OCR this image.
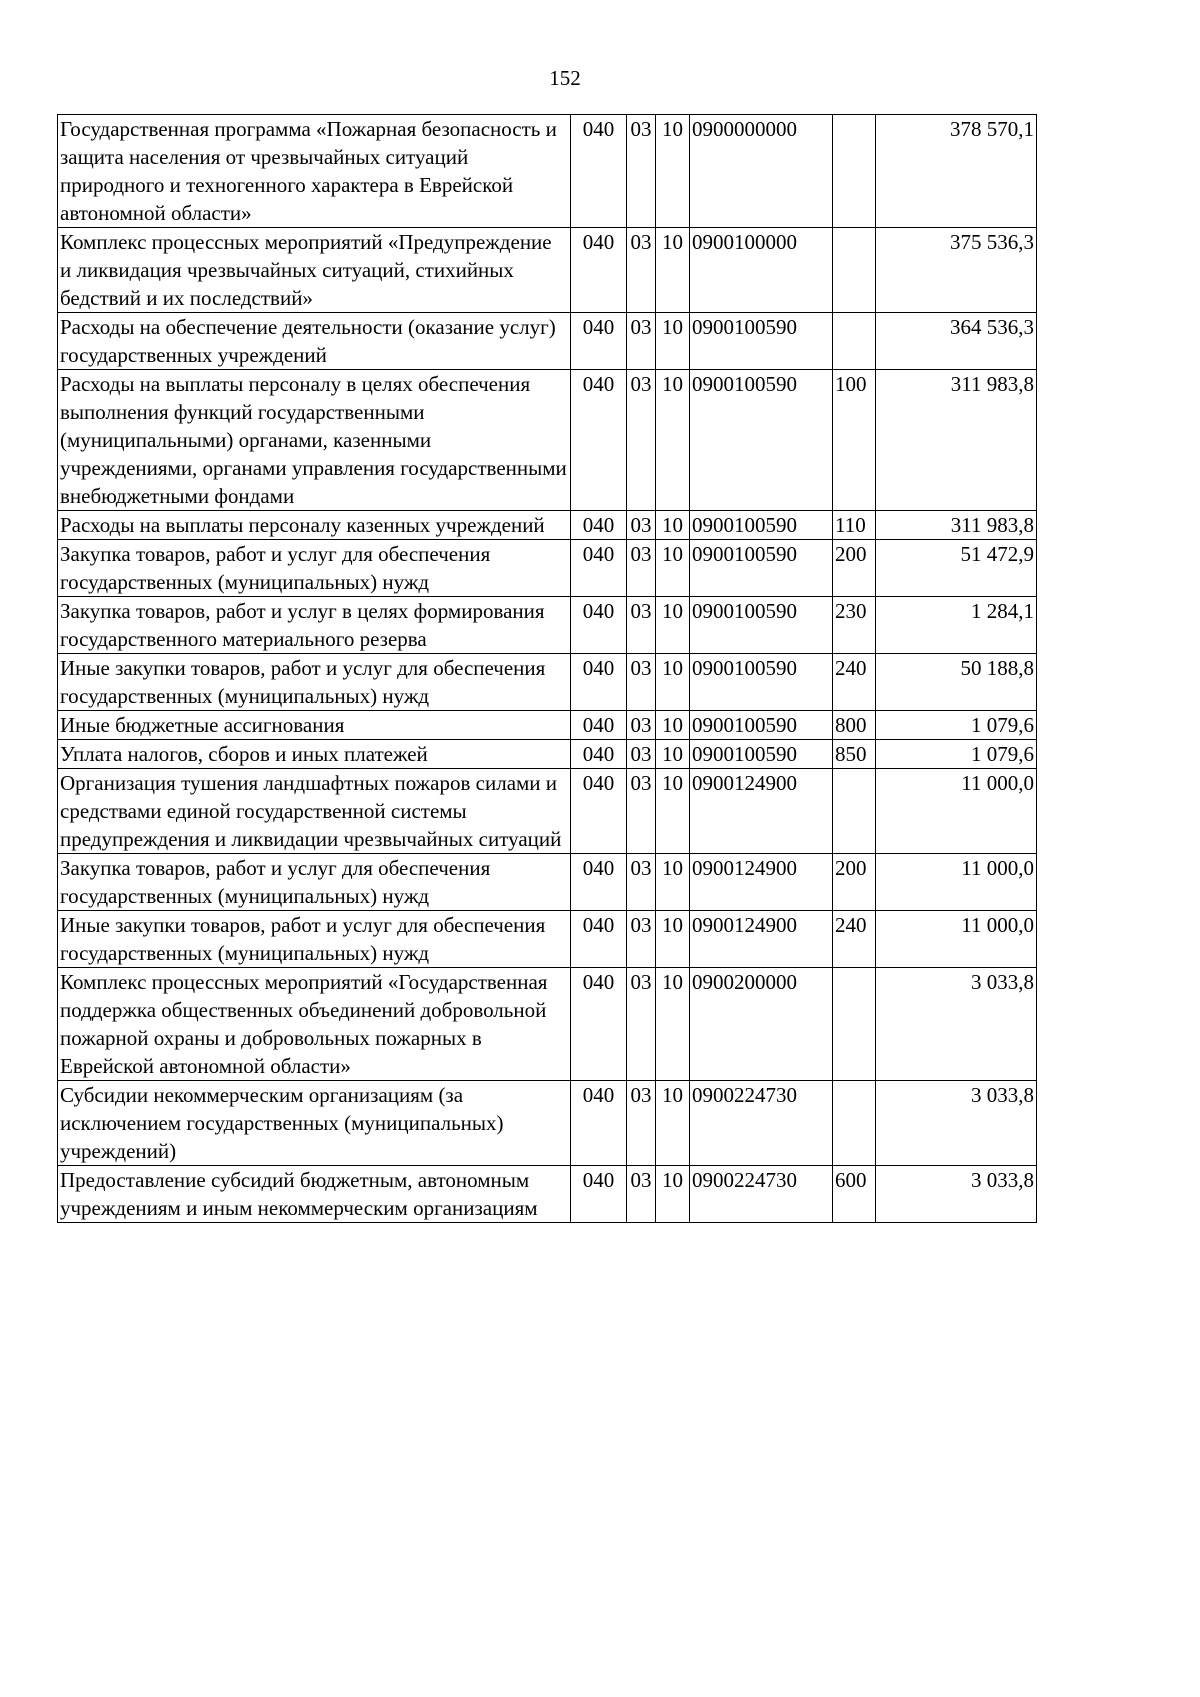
152
Государственная программа «Пожарная безопасность и защита населения от чрезвычайных ситуаций природного и техногенного характера в Еврейской автономной области»	040	03	10	0900000000		378 570,1
Комплекс процессных мероприятий «Предупреждение и ликвидация чрезвычайных ситуаций, стихийных бедствий и их последствий»	040	03	10	0900100000		375 536,3
Расходы на обеспечение деятельности (оказание услуг) государственных учреждений	040	03	10	0900100590		364 536,3
Расходы на выплаты персоналу в целях обеспечения выполнения функций государственными (муниципальными) органами, казенными учреждениями, органами управления государственными внебюджетными фондами	040	03	10	0900100590	100	311 983,8
Расходы на выплаты персоналу казенных учреждений	040	03	10	0900100590	110	311 983,8
Закупка товаров, работ и услуг для обеспечения государственных (муниципальных) нужд	040	03	10	0900100590	200	51 472,9
Закупка товаров, работ и услуг в целях формирования государственного материального резерва	040	03	10	0900100590	230	1 284,1
Иные закупки товаров, работ и услуг для обеспечения государственных (муниципальных) нужд	040	03	10	0900100590	240	50 188,8
Иные бюджетные ассигнования	040	03	10	0900100590	800	1 079,6
Уплата налогов, сборов и иных платежей	040	03	10	0900100590	850	1 079,6
Организация тушения ландшафтных пожаров силами и средствами единой государственной системы предупреждения и ликвидации чрезвычайных ситуаций	040	03	10	0900124900		11 000,0
Закупка товаров, работ и услуг для обеспечения государственных (муниципальных) нужд	040	03	10	0900124900	200	11 000,0
Иные закупки товаров, работ и услуг для обеспечения государственных (муниципальных) нужд	040	03	10	0900124900	240	11 000,0
Комплекс процессных мероприятий «Государственная поддержка общественных объединений добровольной пожарной охраны и добровольных пожарных в Еврейской автономной области»	040	03	10	0900200000		3 033,8
Субсидии некоммерческим организациям (за исключением государственных (муниципальных) учреждений)	040	03	10	0900224730		3 033,8
Предоставление субсидий бюджетным, автономным учреждениям и иным некоммерческим организациям	040	03	10	0900224730	600	3 033,8
